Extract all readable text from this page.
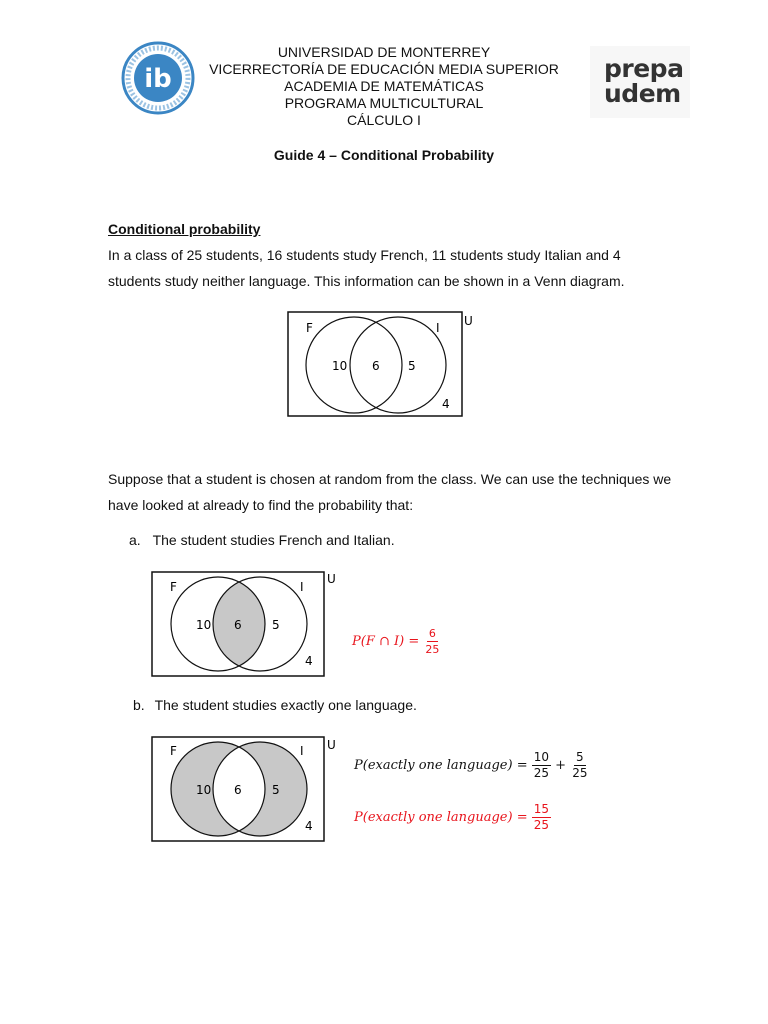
ib	prepa
udem
UNIVERSIDAD DE MONTERREY
VICERRECTORÍA DE EDUCACIÓN MEDIA SUPERIOR
ACADEMIA DE MATEMÁTICAS
PROGRAMA MULTICULTURAL
CÁLCULO I
Guide 4 – Conditional Probability
Conditional probability
In a class of 25 students, 16 students study French, 11 students study Italian and 4
students study neither language. This information can be shown in a Venn diagram.
F	I U
10 6 5
4
Suppose that a student is chosen at random from the class. We can use the techniques we
have looked at already to find the probability that:
a. The student studies French and Italian.
F	I
U
10 6	5
4
P(F ∩ $I) = \frac{6}{25}$
b. The student studies exactly one language.
F	I U
10 6	5
4
P(exactly one language) = $\frac{10}{25} + \frac{5}{25}$
P(exactly one language) = $\frac{15}{25}$
